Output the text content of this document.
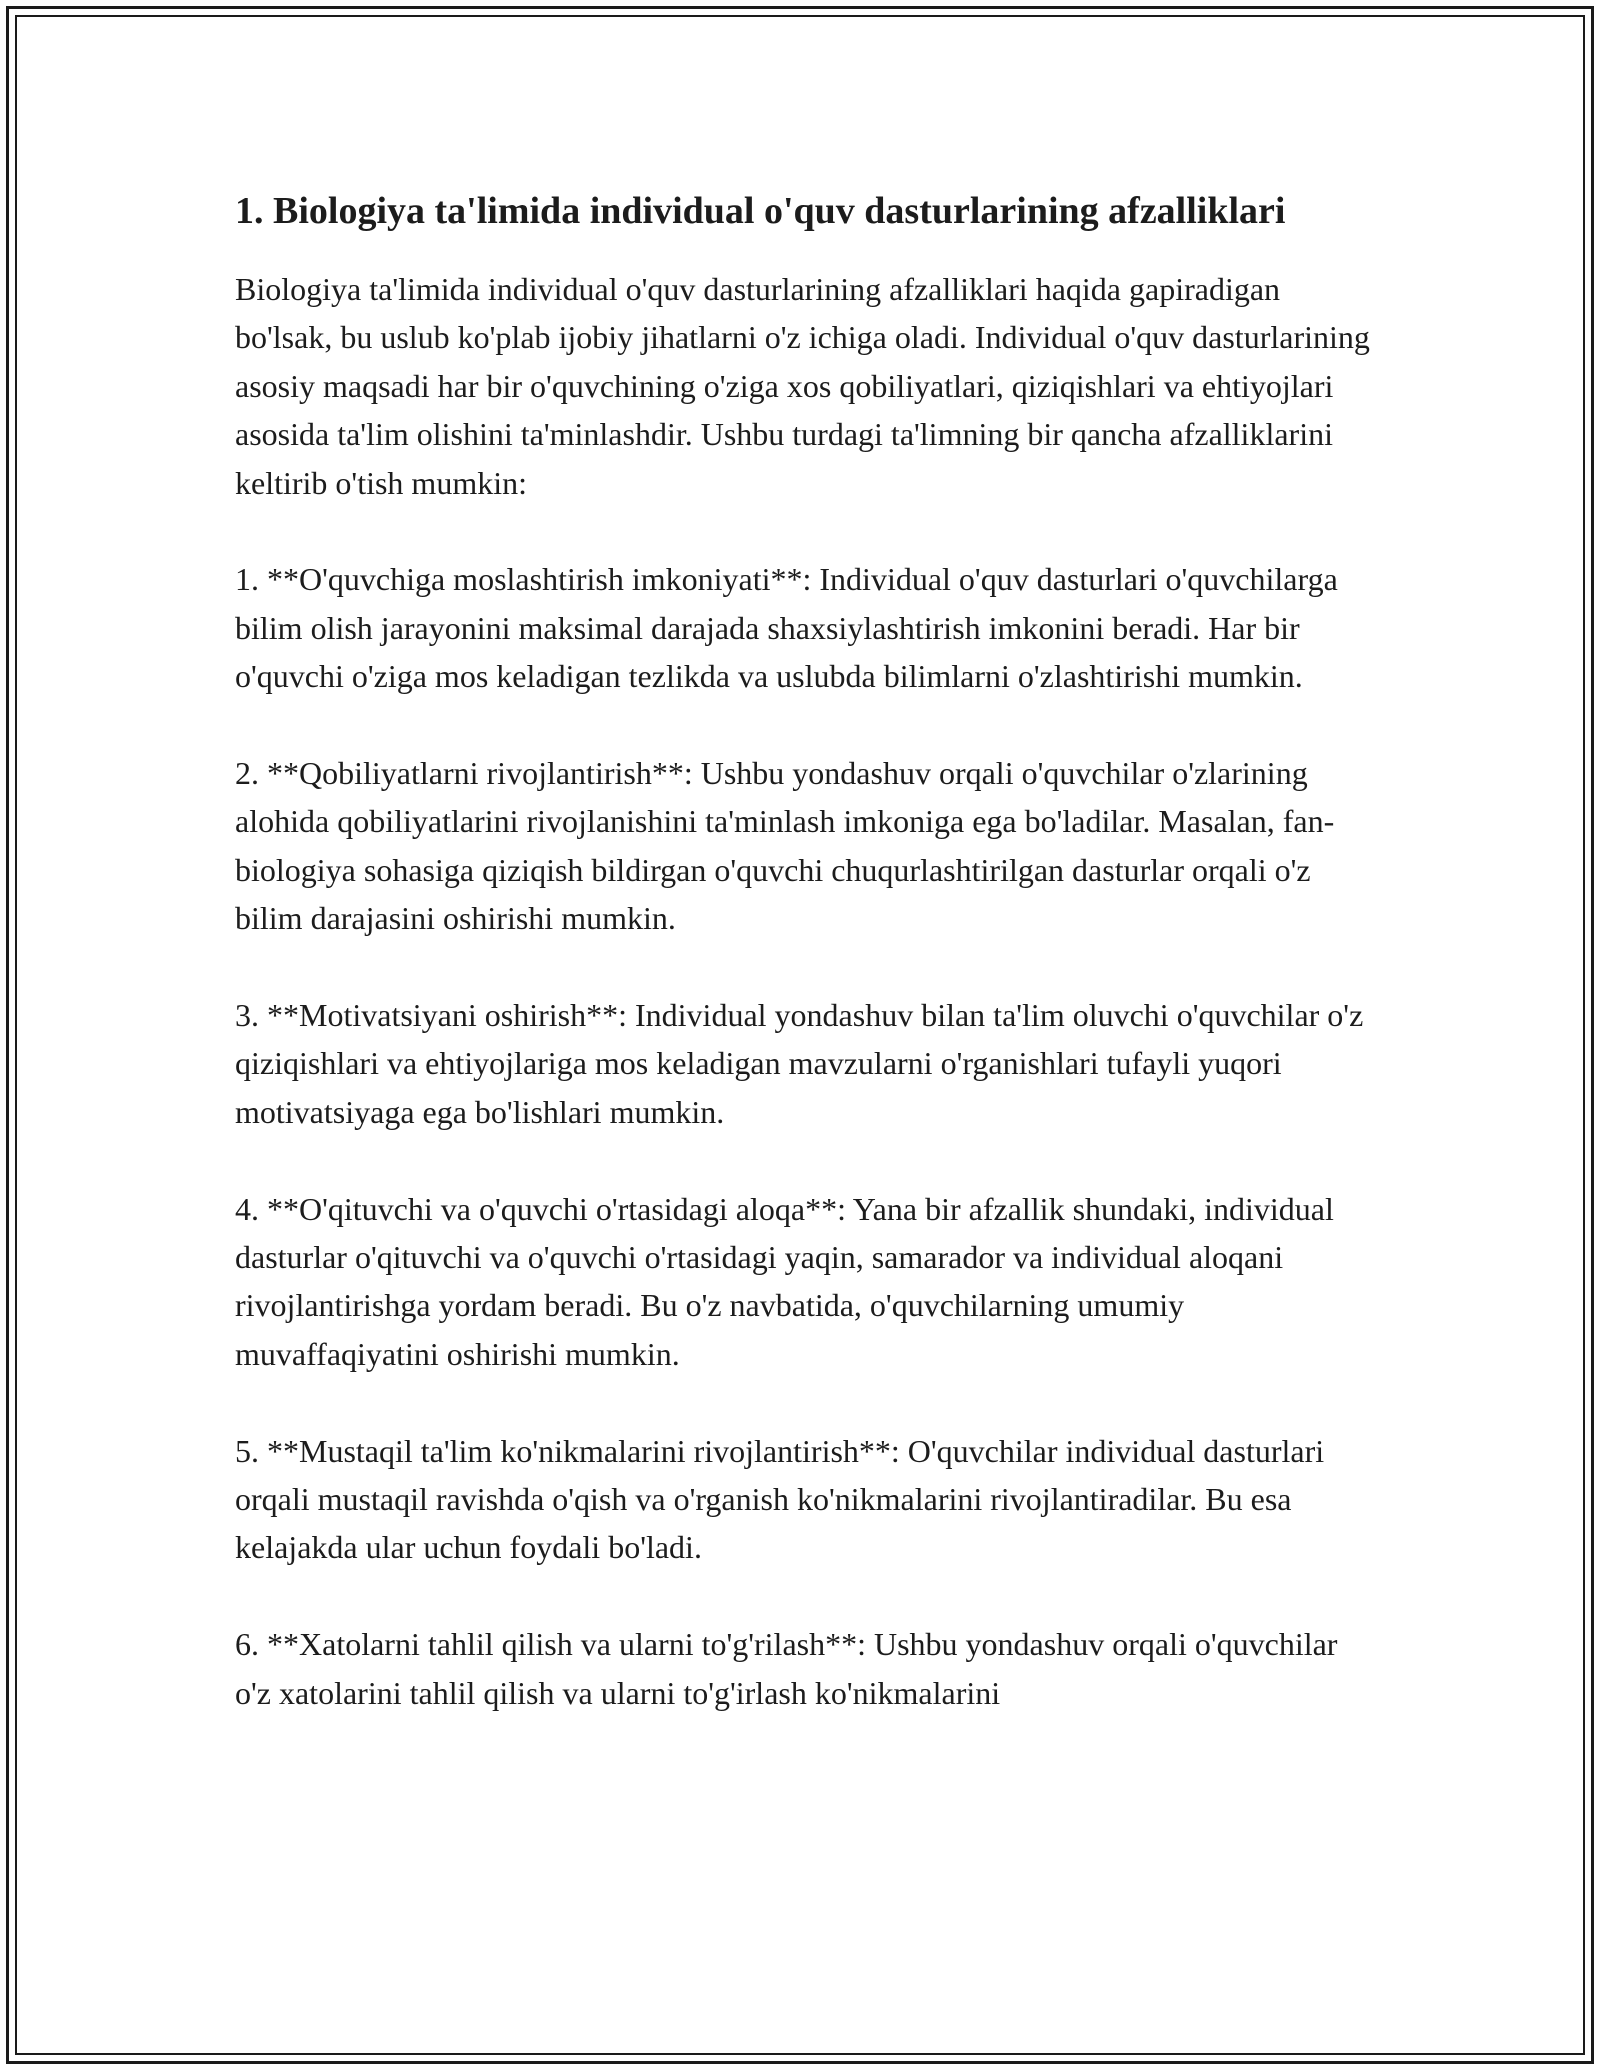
1. Biologiya ta'limida individual o'quv dasturlarining afzalliklari

Biologiya ta'limida individual o'quv dasturlarining afzalliklari haqida gapiradigan bo'lsak, bu uslub ko'plab ijobiy jihatlarni o'z ichiga oladi. Individual o'quv dasturlarining asosiy maqsadi har bir o'quvchining o'ziga xos qobiliyatlari, qiziqishlari va ehtiyojlari asosida ta'lim olishini ta'minlashdir. Ushbu turdagi ta'limning bir qancha afzalliklarini keltirib o'tish mumkin:

1. **O'quvchiga moslashtirish imkoniyati**: Individual o'quv dasturlari o'quvchilarga bilim olish jarayonini maksimal darajada shaxsiylashtirish imkonini beradi. Har bir o'quvchi o'ziga mos keladigan tezlikda va uslubda bilimlarni o'zlashtirishi mumkin.

2. **Qobiliyatlarni rivojlantirish**: Ushbu yondashuv orqali o'quvchilar o'zlarining alohida qobiliyatlarini rivojlanishini ta'minlash imkoniga ega bo'ladilar. Masalan, fan-biologiya sohasiga qiziqish bildirgan o'quvchi chuqurlashtirilgan dasturlar orqali o'z bilim darajasini oshirishi mumkin.

3. **Motivatsiyani oshirish**: Individual yondashuv bilan ta'lim oluvchi o'quvchilar o'z qiziqishlari va ehtiyojlariga mos keladigan mavzularni o'rganishlari tufayli yuqori motivatsiyaga ega bo'lishlari mumkin.

4. **O'qituvchi va o'quvchi o'rtasidagi aloqa**: Yana bir afzallik shundaki, individual dasturlar o'qituvchi va o'quvchi o'rtasidagi yaqin, samarador va individual aloqani rivojlantirishga yordam beradi. Bu o'z navbatida, o'quvchilarning umumiy muvaffaqiyatini oshirishi mumkin.

5. **Mustaqil ta'lim ko'nikmalarini rivojlantirish**: O'quvchilar individual dasturlari orqali mustaqil ravishda o'qish va o'rganish ko'nikmalarini rivojlantiradilar. Bu esa kelajakda ular uchun foydali bo'ladi.

6. **Xatolarni tahlil qilish va ularni to'g'rilash**: Ushbu yondashuv orqali o'quvchilar o'z xatolarini tahlil qilish va ularni to'g'irlash ko'nikmalarini
